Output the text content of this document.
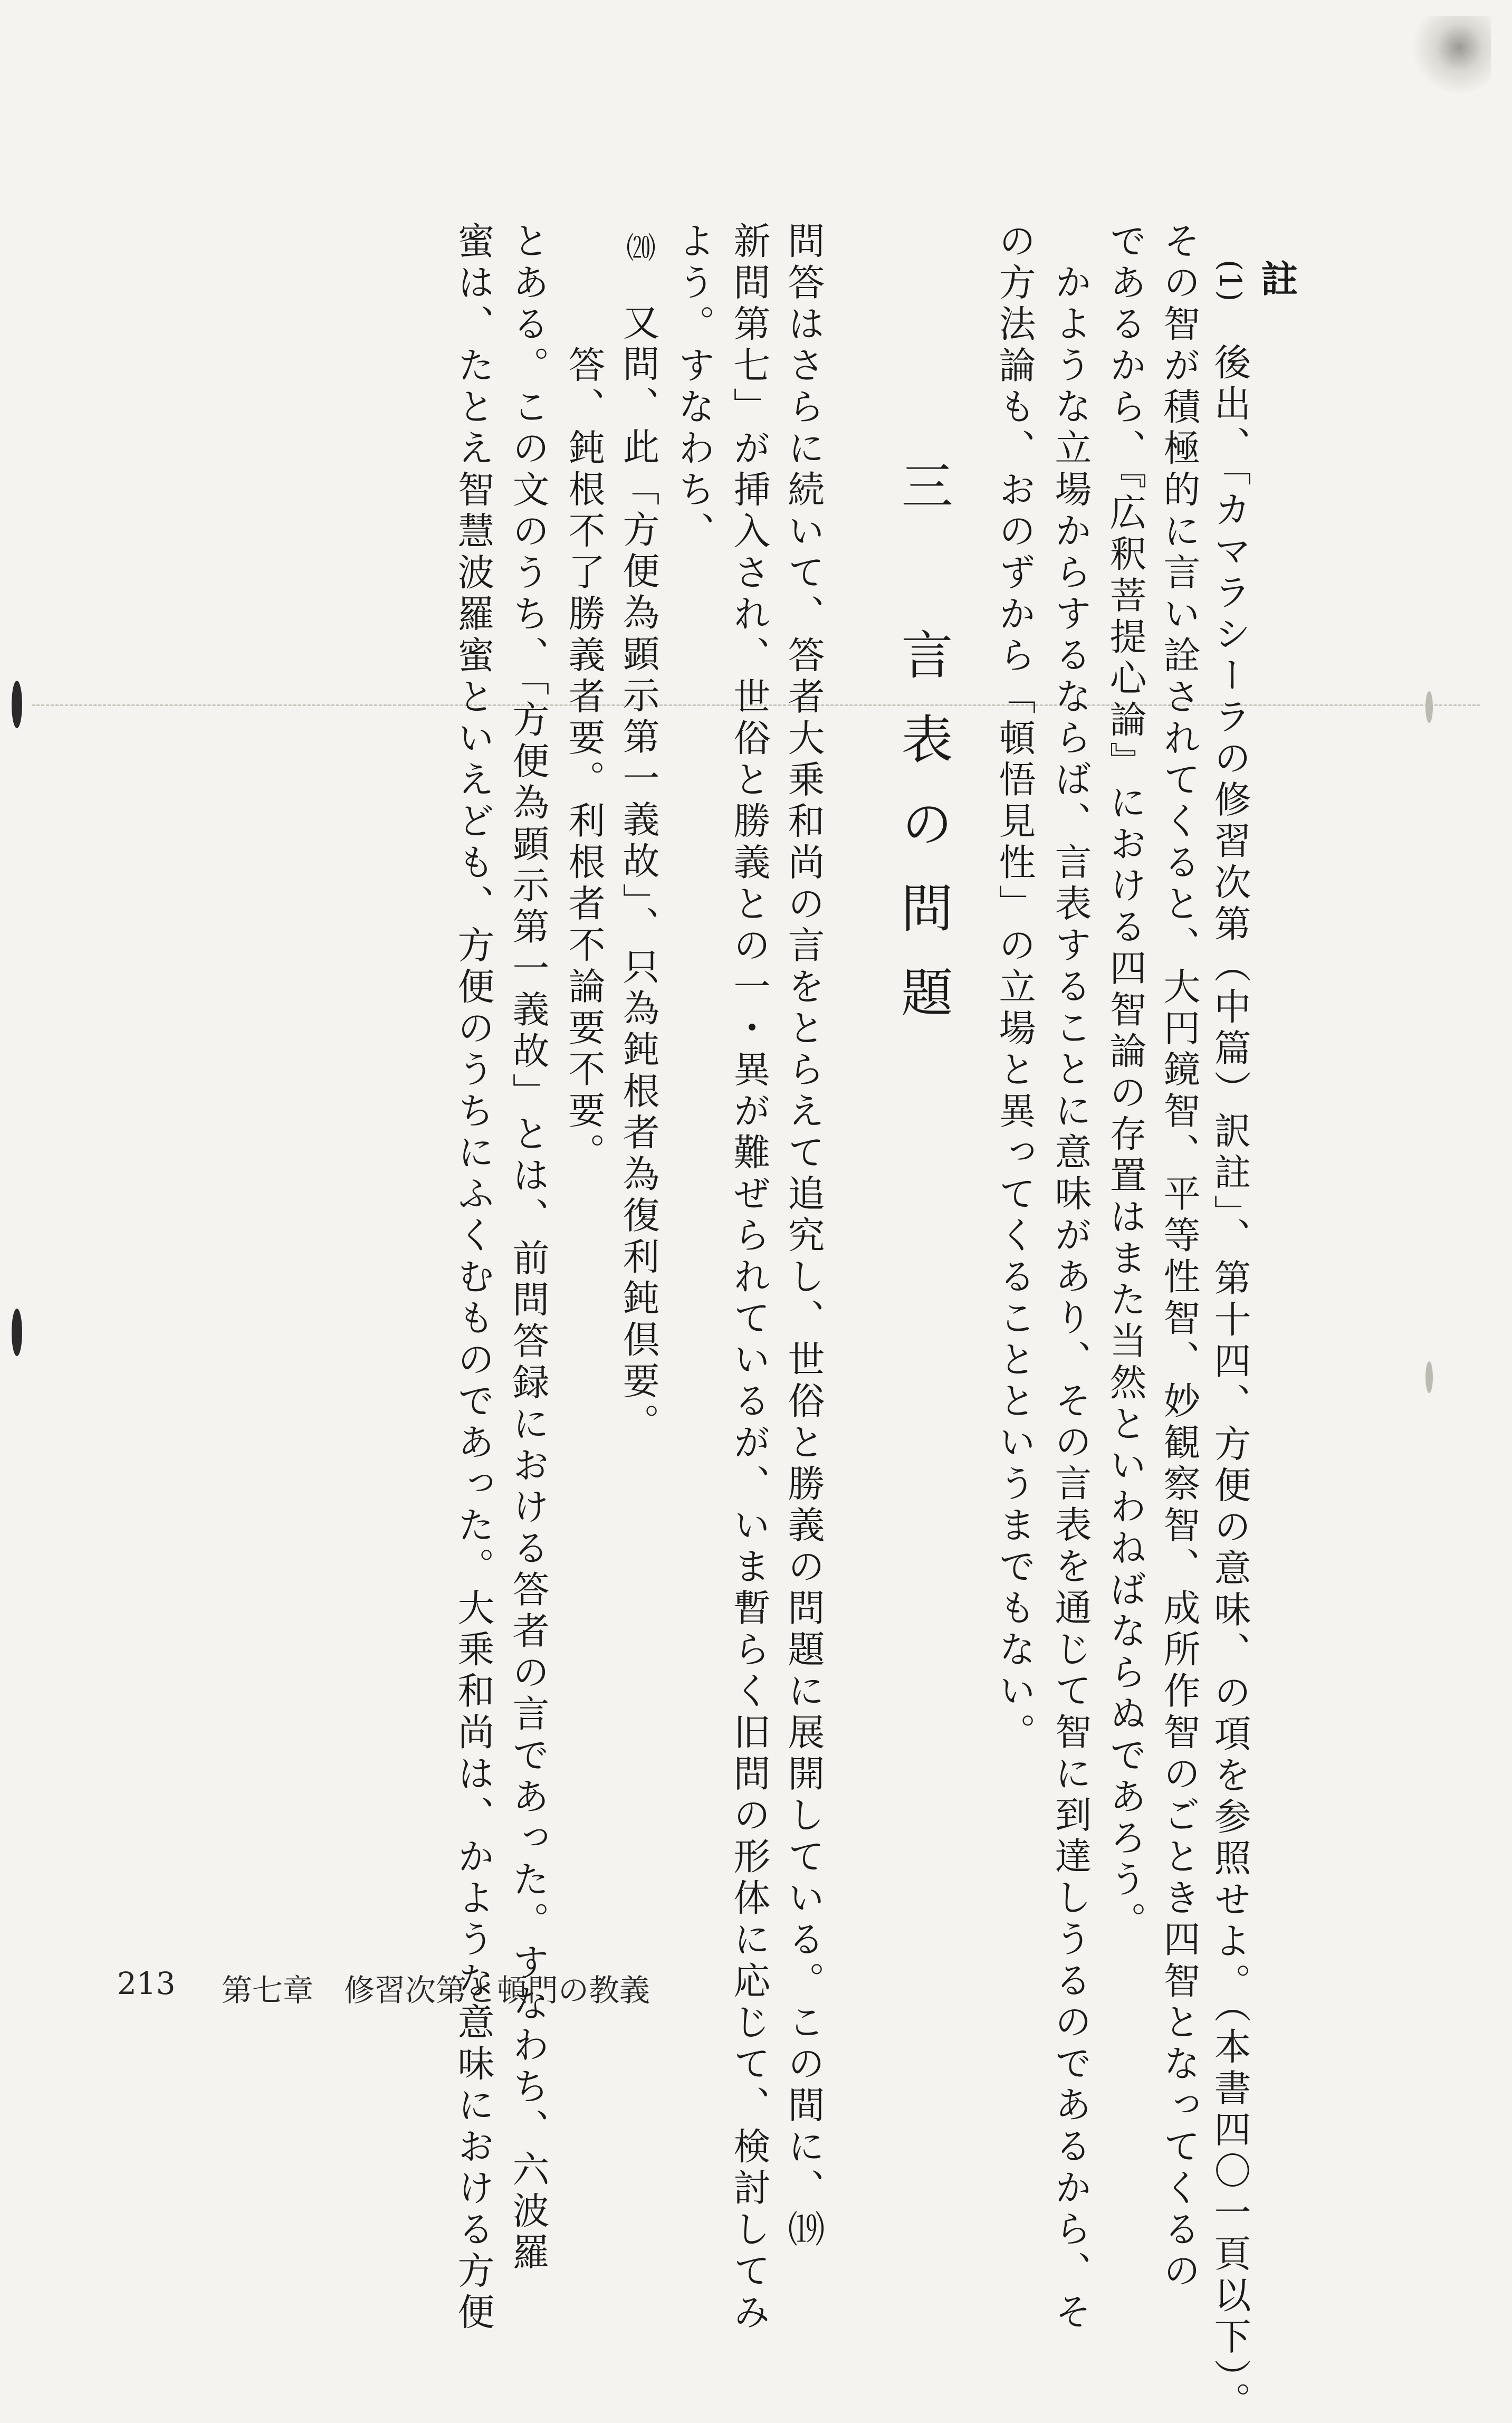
註
(1)　後出、「カマラシーラの修習次第（中篇）訳註」、第十四、方便の意味、の項を参照せよ。（本書四〇一頁以下）。
その智が積極的に言い詮されてくると、大円鏡智、平等性智、妙観察智、成所作智のごとき四智となってくるの
であるから、『広釈菩提心論』における四智論の存置はまた当然といわねばならぬであろう。
かような立場からするならば、言表することに意味があり、その言表を通じて智に到達しうるのであるから、そ
の方法論も、おのずから「頓悟見性」の立場と異ってくることというまでもない。
三　言表の問題
問答はさらに続いて、答者大乗和尚の言をとらえて追究し、世俗と勝義の問題に展開している。この間に、⒆
新問第七」が挿入され、世俗と勝義との一・異が難ぜられているが、いま暫らく旧問の形体に応じて、検討してみ
よう。すなわち、
⒇　又問、此「方便為顕示第一義故」、只為鈍根者為復利鈍倶要。
答、鈍根不了勝義者要。利根者不論要不要。
とある。この文のうち、「方便為顕示第一義故」とは、前問答録における答者の言であった。すなわち、六波羅
蜜は、たとえ智慧波羅蜜といえども、方便のうちにふくむものであった。大乗和尚は、かような意味における方便
213 第七章　修習次第と頓門の教義
